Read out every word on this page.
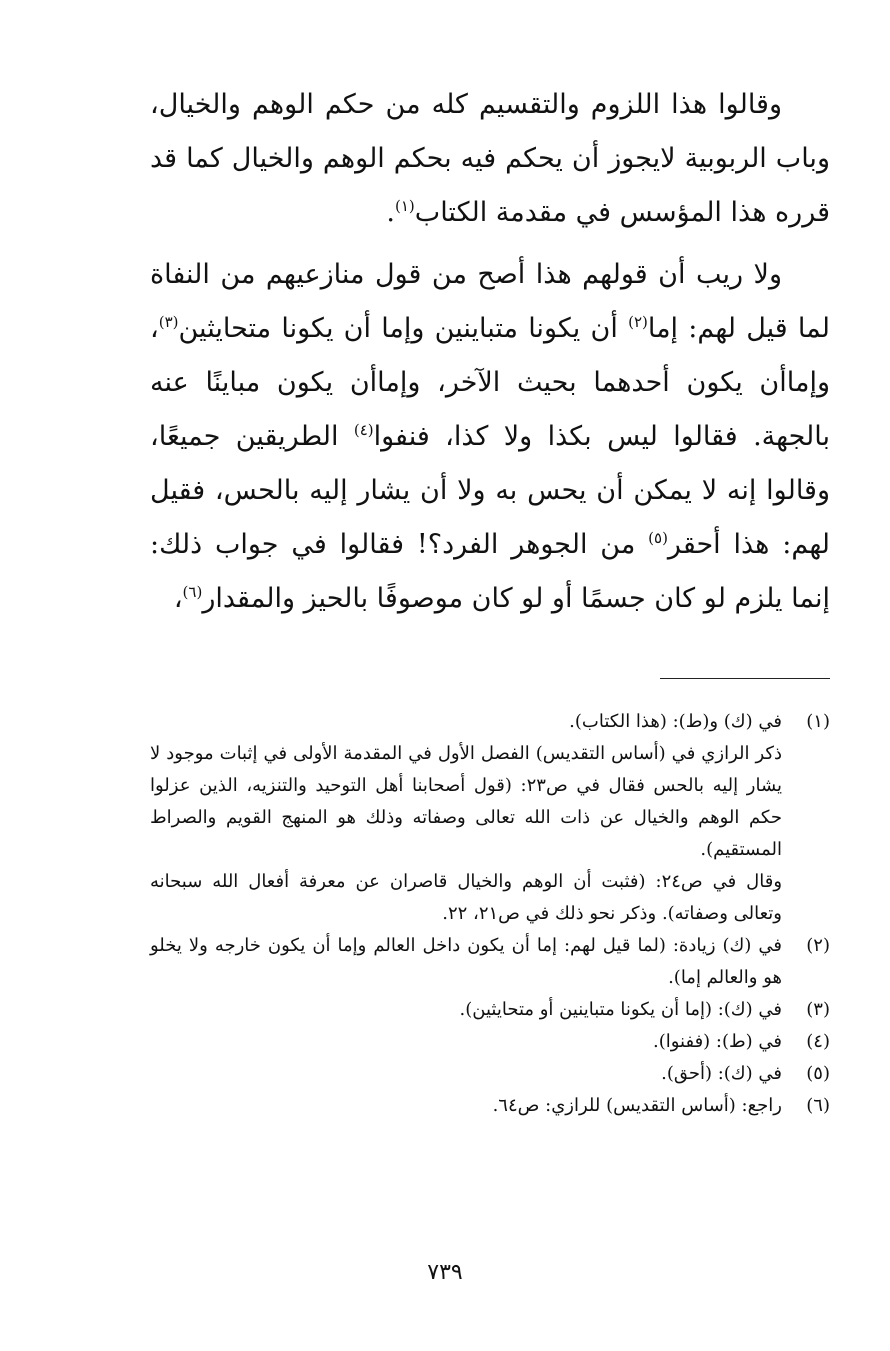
وقالوا هذا اللزوم والتقسيم كله من حكم الوهم والخيال، وباب الربوبية لايجوز أن يحكم فيه بحكم الوهم والخيال كما قد قرره هذا المؤسس في مقدمة الكتاب$^{(١)}$.

ولا ريب أن قولهم هذا أصح من قول منازعيهم من النفاة لما قيل لهم: إما$^{(٢)}$ أن يكونا متباينين وإما أن يكونا متحايثين$^{(٣)}$، وإماأن يكون أحدهما بحيث الآخر، وإماأن يكون مباينًا عنه بالجهة. فقالوا ليس بكذا ولا كذا، فنفوا$^{(٤)}$ الطريقين جميعًا، وقالوا إنه لا يمكن أن يحس به ولا أن يشار إليه بالحس، فقيل لهم: هذا أحقر$^{(٥)}$ من الجوهر الفرد؟! فقالوا في جواب ذلك: إنما يلزم لو كان جسمًا أو لو كان موصوفًا بالحيز والمقدار$^{(٦)}$،

(١)

في (ك) و(ط): (هذا الكتاب).

ذكر الرازي في (أساس التقديس) الفصل الأول في المقدمة الأولى في إثبات موجود لا يشار إليه بالحس فقال في ص٢٣: (قول أصحابنا أهل التوحيد والتنزيه، الذين عزلوا حكم الوهم والخيال عن ذات الله تعالى وصفاته وذلك هو المنهج القويم والصراط المستقيم).

وقال في ص٢٤: (فثبت أن الوهم والخيال قاصران عن معرفة أفعال الله سبحانه وتعالى وصفاته). وذكر نحو ذلك في ص٢١، ٢٢.

(٢)

في (ك) زيادة: (لما قيل لهم: إما أن يكون داخل العالم وإما أن يكون خارجه ولا يخلو هو والعالم إما).

(٣)

في (ك): (إما أن يكونا متباينين أو متحايثين).

(٤)

في (ط): (ففنوا).

(٥)

في (ك): (أحق).

(٦)

راجع: (أساس التقديس) للرازي: ص٦٤.

٧٣٩
